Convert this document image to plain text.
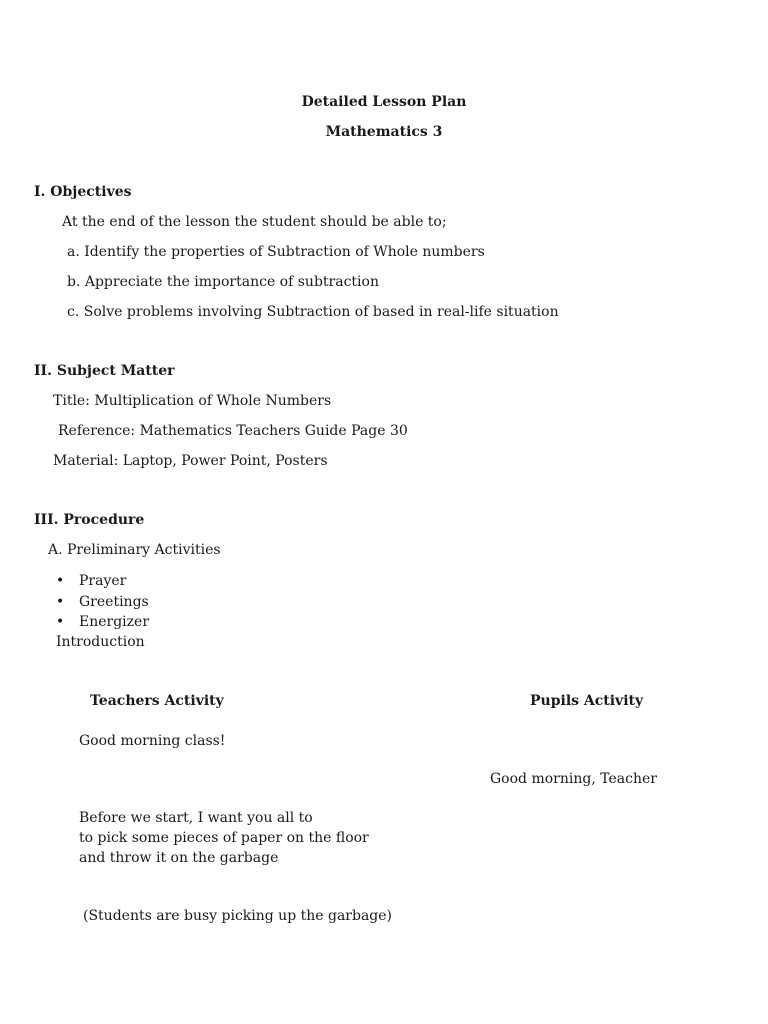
Detailed Lesson Plan
Mathematics 3
I. Objectives
At the end of the lesson the student should be able to;
a. Identify the properties of Subtraction of Whole numbers
b. Appreciate the importance of subtraction
c. Solve problems involving Subtraction of based in real-life situation
II. Subject Matter
Title: Multiplication of Whole Numbers
Reference: Mathematics Teachers Guide Page 30
Material: Laptop, Power Point, Posters
III. Procedure
A. Preliminary Activities
• Prayer
• Greetings
• Energizer
Introduction
Teachers Activity	Pupils Activity
Good morning class!
Good morning, Teacher
Before we start, I want you all to
to pick some pieces of paper on the floor
and throw it on the garbage
(Students are busy picking up the garbage)
